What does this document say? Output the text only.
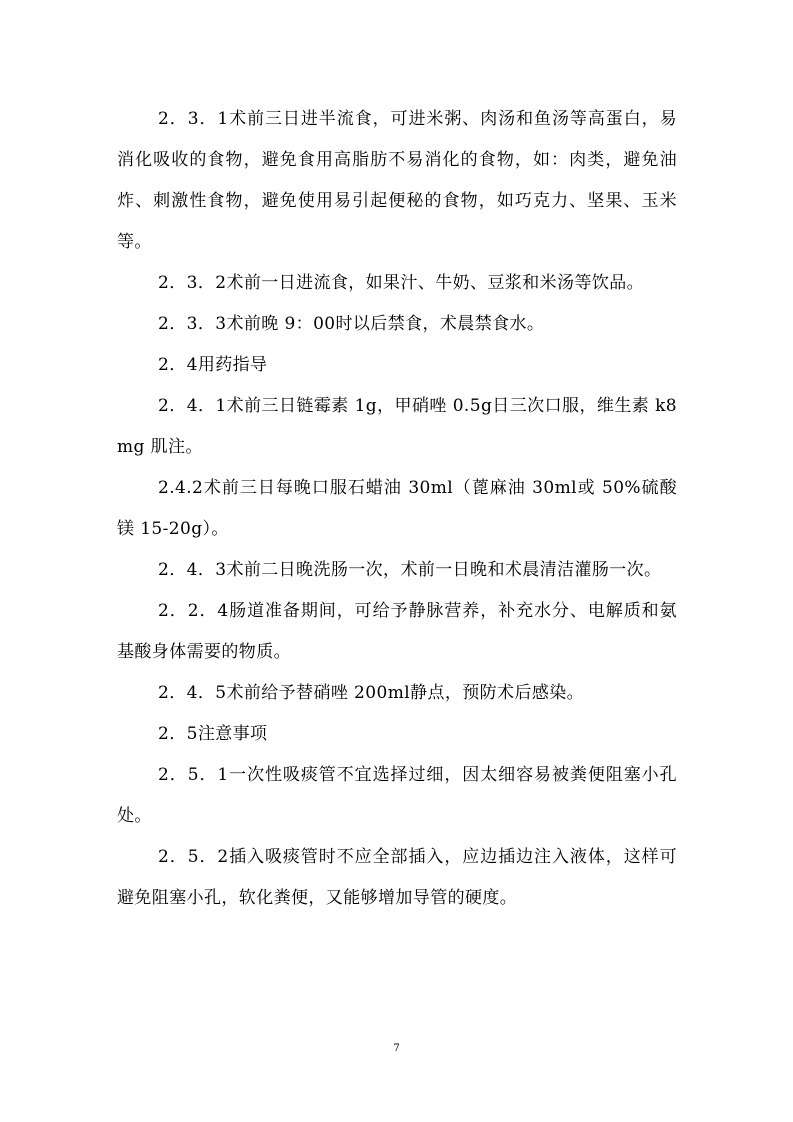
2．3．1术前三日进半流食，可进米粥、肉汤和鱼汤等高蛋白，易消化吸收的食物，避免食用高脂肪不易消化的食物，如：肉类，避免油炸、刺激性食物，避免使用易引起便秘的食物，如巧克力、坚果、玉米等。

2．3．2术前一日进流食，如果汁、牛奶、豆浆和米汤等饮品。

2．3．3术前晚 9：00时以后禁食，术晨禁食水。

2．4用药指导

2．4．1术前三日链霉素 1g，甲硝唑 0.5g日三次口服，维生素 k8mg 肌注。

2.4.2术前三日每晚口服石蜡油 30ml（蓖麻油 30ml或 50%硫酸镁 15-20g）。

2．4．3术前二日晚洗肠一次，术前一日晚和术晨清洁灌肠一次。

2．2．4肠道准备期间，可给予静脉营养，补充水分、电解质和氨基酸身体需要的物质。

2．4．5术前给予替硝唑 200ml静点，预防术后感染。

2．5注意事项

2．5．1一次性吸痰管不宜选择过细，因太细容易被粪便阻塞小孔处。

2．5．2插入吸痰管时不应全部插入，应边插边注入液体，这样可避免阻塞小孔，软化粪便，又能够增加导管的硬度。

7
